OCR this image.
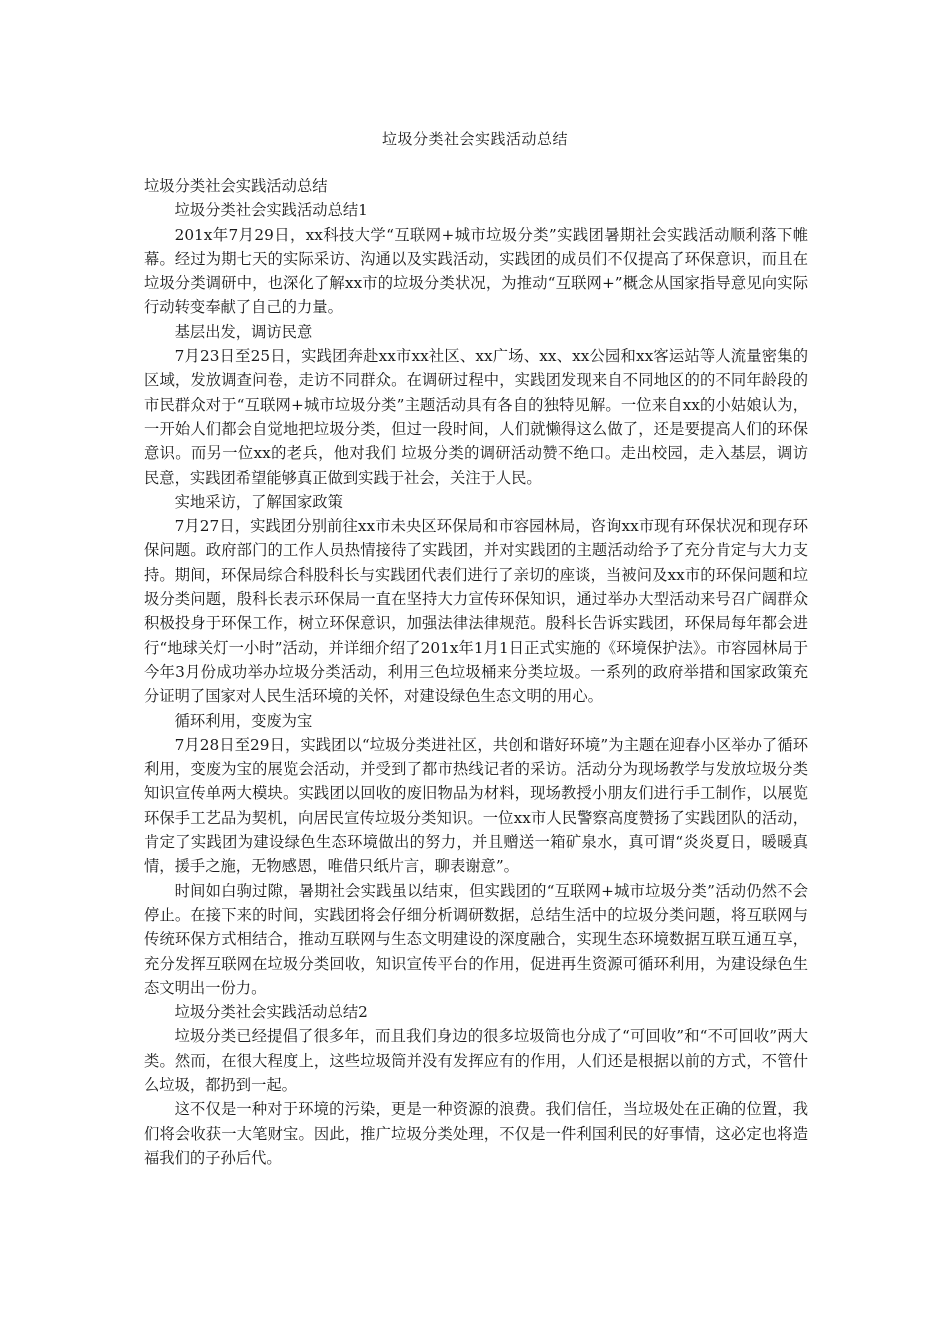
垃圾分类社会实践活动总结

垃圾分类社会实践活动总结

垃圾分类社会实践活动总结1

201x年7月29日，xx科技大学“互联网+城市垃圾分类”实践团暑期社会实践活动顺利落下帷幕。经过为期七天的实际采访、沟通以及实践活动，实践团的成员们不仅提高了环保意识，而且在垃圾分类调研中，也深化了解xx市的垃圾分类状况，为推动“互联网+”概念从国家指导意见向实际行动转变奉献了自己的力量。

基层出发，调访民意

7月23日至25日，实践团奔赴xx市xx社区、xx广场、xx、xx公园和xx客运站等人流量密集的区域，发放调查问卷，走访不同群众。在调研过程中，实践团发现来自不同地区的的不同年龄段的市民群众对于“互联网+城市垃圾分类”主题活动具有各自的独特见解。一位来自xx的小姑娘认为，一开始人们都会自觉地把垃圾分类，但过一段时间，人们就懒得这么做了，还是要提高人们的环保意识。而另一位xx的老兵，他对我们 垃圾分类的调研活动赞不绝口。走出校园，走入基层，调访民意，实践团希望能够真正做到实践于社会，关注于人民。

实地采访，了解国家政策

7月27日，实践团分别前往xx市未央区环保局和市容园林局，咨询xx市现有环保状况和现存环保问题。政府部门的工作人员热情接待了实践团，并对实践团的主题活动给予了充分肯定与大力支持。期间，环保局综合科股科长与实践团代表们进行了亲切的座谈，当被问及xx市的环保问题和垃圾分类问题，殷科长表示环保局一直在坚持大力宣传环保知识，通过举办大型活动来号召广阔群众积极投身于环保工作，树立环保意识，加强法律法律规范。殷科长告诉实践团，环保局每年都会进行“地球关灯一小时”活动，并详细介绍了201x年1月1日正式实施的《环境保护法》。市容园林局于今年3月份成功举办垃圾分类活动，利用三色垃圾桶来分类垃圾。一系列的政府举措和国家政策充分证明了国家对人民生活环境的关怀，对建设绿色生态文明的用心。

循环利用，变废为宝

7月28日至29日，实践团以“垃圾分类进社区，共创和谐好环境”为主题在迎春小区举办了循环利用，变废为宝的展览会活动，并受到了都市热线记者的采访。活动分为现场教学与发放垃圾分类知识宣传单两大模块。实践团以回收的废旧物品为材料，现场教授小朋友们进行手工制作，以展览环保手工艺品为契机，向居民宣传垃圾分类知识。一位xx市人民警察高度赞扬了实践团队的活动，肯定了实践团为建设绿色生态环境做出的努力，并且赠送一箱矿泉水，真可谓“炎炎夏日，暖暖真情，援手之施，无物感恩，唯借只纸片言，聊表谢意”。

时间如白驹过隙，暑期社会实践虽以结束，但实践团的“互联网+城市垃圾分类”活动仍然不会停止。在接下来的时间，实践团将会仔细分析调研数据，总结生活中的垃圾分类问题，将互联网与传统环保方式相结合，推动互联网与生态文明建设的深度融合，实现生态环境数据互联互通互享，充分发挥互联网在垃圾分类回收，知识宣传平台的作用，促进再生资源可循环利用，为建设绿色生态文明出一份力。

垃圾分类社会实践活动总结2

垃圾分类已经提倡了很多年，而且我们身边的很多垃圾筒也分成了“可回收”和“不可回收”两大类。然而，在很大程度上，这些垃圾筒并没有发挥应有的作用，人们还是根据以前的方式，不管什么垃圾，都扔到一起。

这不仅是一种对于环境的污染，更是一种资源的浪费。我们信任，当垃圾处在正确的位置，我们将会收获一大笔财宝。因此，推广垃圾分类处理，不仅是一件利国利民的好事情，这必定也将造福我们的子孙后代。
